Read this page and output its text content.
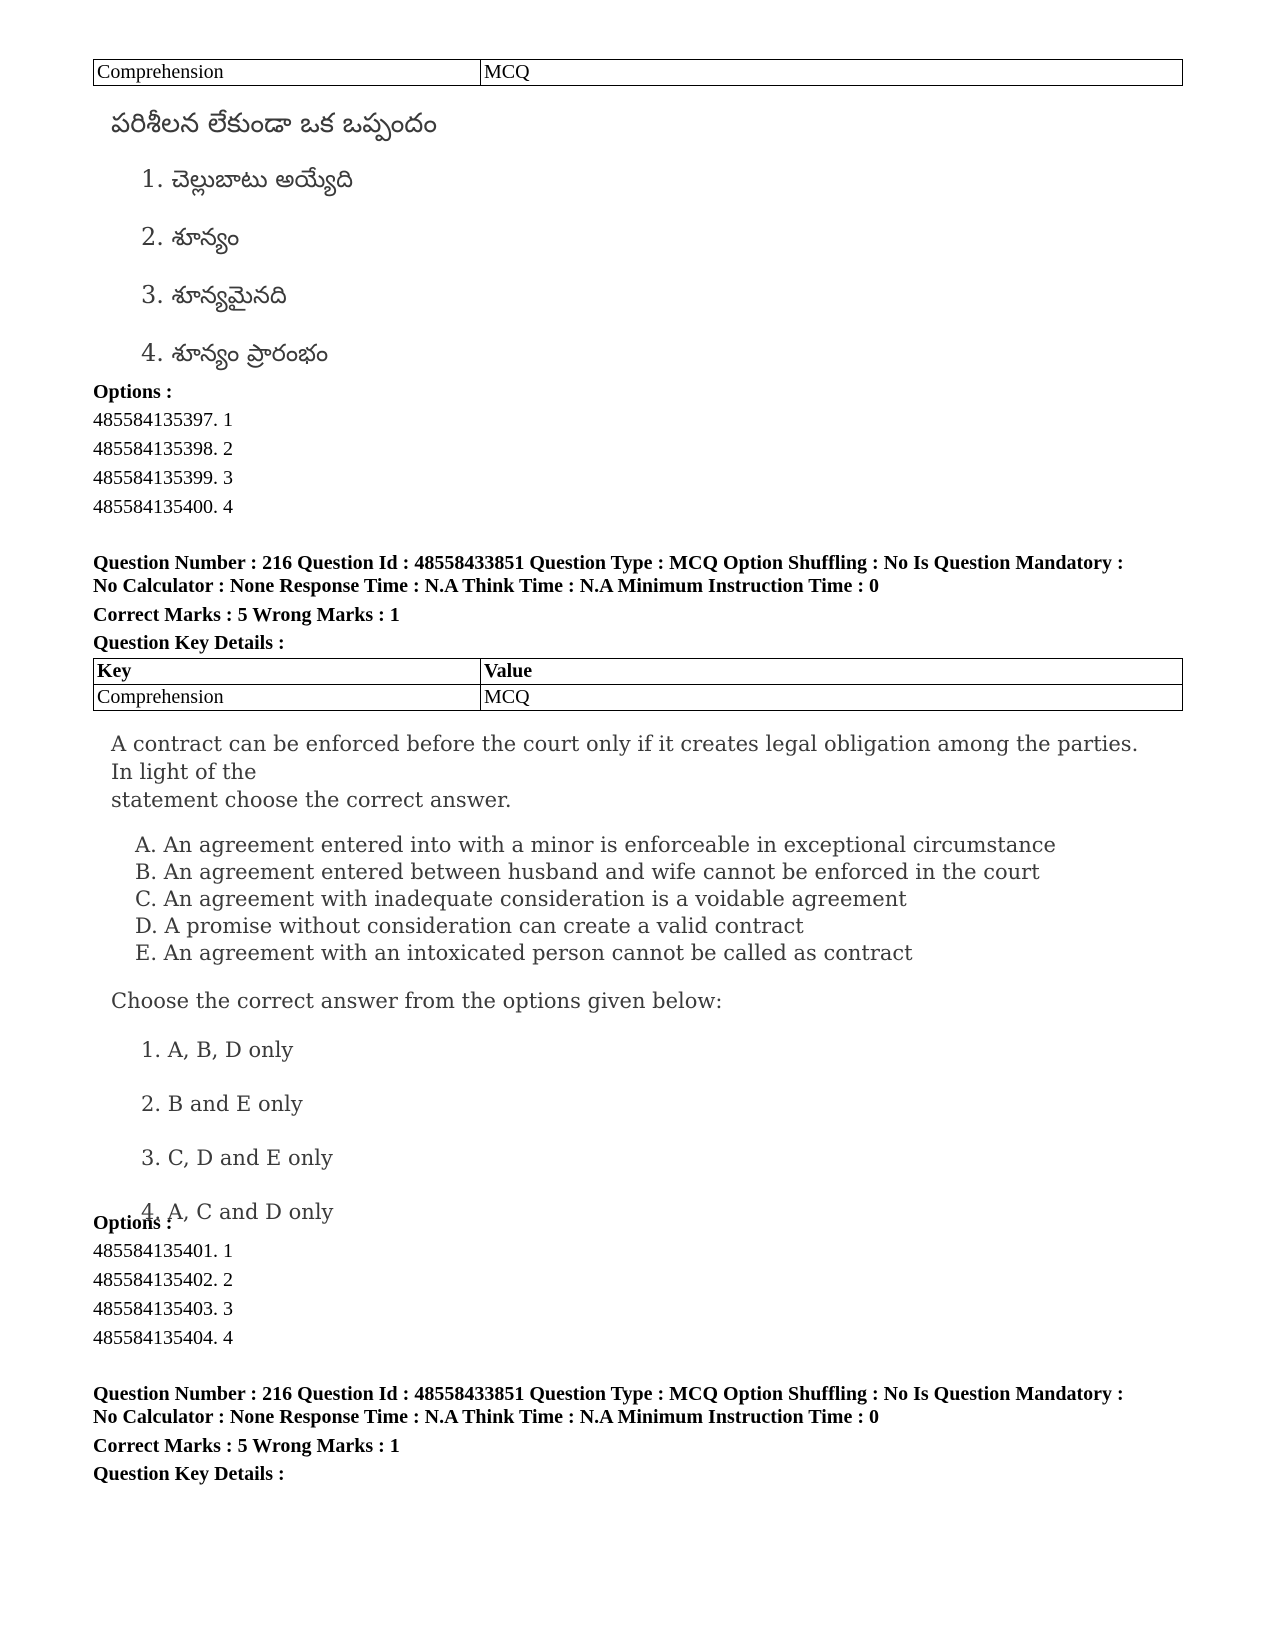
Comprehension	MCQ
పరిశీలన లేకుండా ఒక ఒప్పందం
1. చెల్లుబాటు అయ్యేది
2. శూన్యం
3. శూన్యమైనది
4. శూన్యం ప్రారంభం
Options :
485584135397. 1
485584135398. 2
485584135399. 3
485584135400. 4
Question Number : 216 Question Id : 48558433851 Question Type : MCQ Option Shuffling : No Is Question Mandatory :
No Calculator : None Response Time : N.A Think Time : N.A Minimum Instruction Time : 0
Correct Marks : 5 Wrong Marks : 1
Question Key Details :
Key	Value
Comprehension	MCQ
A contract can be enforced before the court only if it creates legal obligation among the parties. In light of the
statement choose the correct answer.
A. An agreement entered into with a minor is enforceable in exceptional circumstance
B. An agreement entered between husband and wife cannot be enforced in the court
C. An agreement with inadequate consideration is a voidable agreement
D. A promise without consideration can create a valid contract
E. An agreement with an intoxicated person cannot be called as contract
Choose the correct answer from the options given below:
1. A, B, D only
2. B and E only
3. C, D and E only
4. A, C and D only
Options :
485584135401. 1
485584135402. 2
485584135403. 3
485584135404. 4
Question Number : 216 Question Id : 48558433851 Question Type : MCQ Option Shuffling : No Is Question Mandatory :
No Calculator : None Response Time : N.A Think Time : N.A Minimum Instruction Time : 0
Correct Marks : 5 Wrong Marks : 1
Question Key Details :
